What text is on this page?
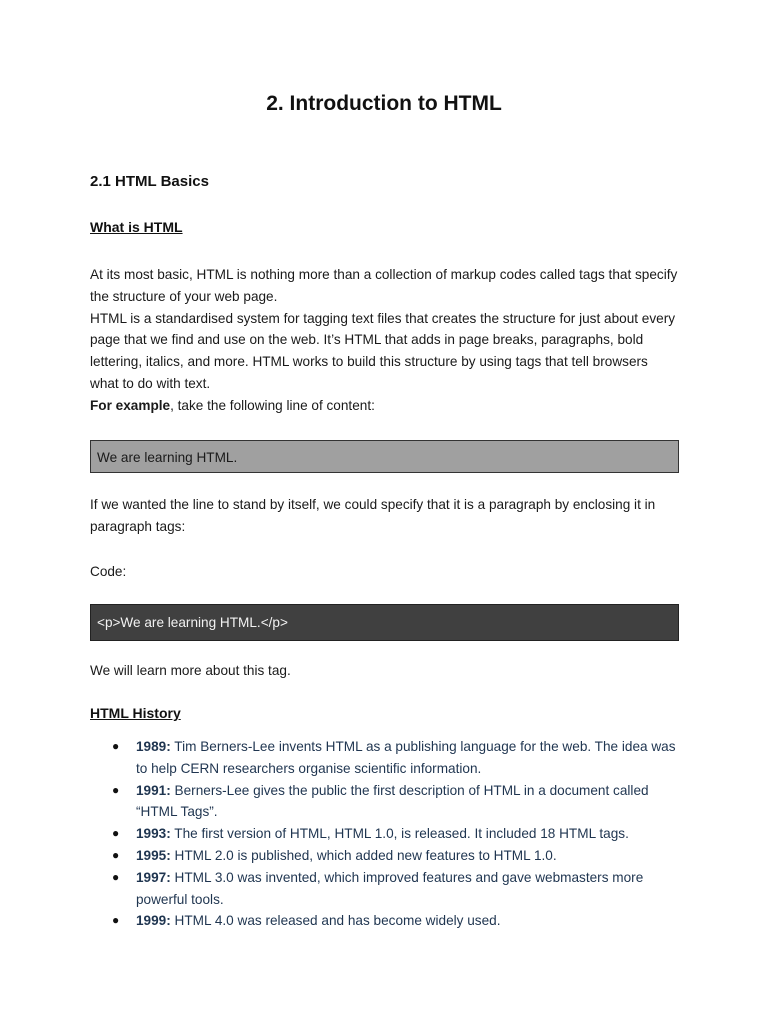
2. Introduction to HTML
2.1 HTML Basics
What is HTML
At its most basic, HTML is nothing more than a collection of markup codes called tags that specify the structure of your web page.
HTML is a standardised system for tagging text files that creates the structure for just about every page that we find and use on the web. It’s HTML that adds in page breaks, paragraphs, bold lettering, italics, and more. HTML works to build this structure by using tags that tell browsers what to do with text.
For example, take the following line of content:
We are learning HTML.
If we wanted the line to stand by itself, we could specify that it is a paragraph by enclosing it in paragraph tags:
Code:
<p>We are learning HTML.</p>
We will learn more about this tag.
HTML History
● 1989: Tim Berners-Lee invents HTML as a publishing language for the web. The idea was to help CERN researchers organise scientific information.
● 1991: Berners-Lee gives the public the first description of HTML in a document called “HTML Tags”.
● 1993: The first version of HTML, HTML 1.0, is released. It included 18 HTML tags.
● 1995: HTML 2.0 is published, which added new features to HTML 1.0.
● 1997: HTML 3.0 was invented, which improved features and gave webmasters more powerful tools.
● 1999: HTML 4.0 was released and has become widely used.
